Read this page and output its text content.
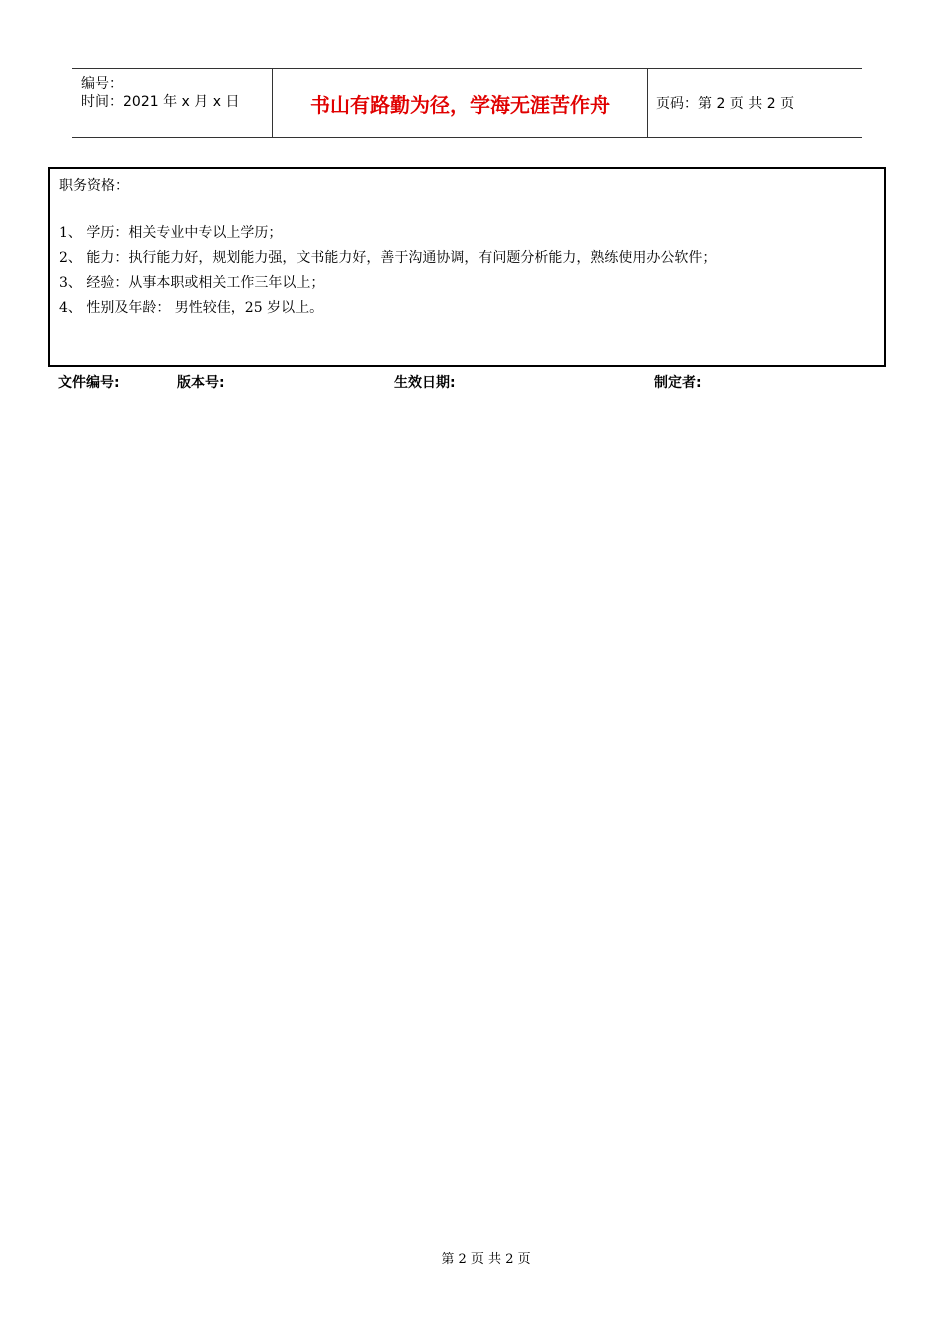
编号：
时间：2021 年 x 月 x 日	书山有路勤为径，学海无涯苦作舟	页码：第 2 页 共 2 页
职务资格：
1、 学历：相关专业中专以上学历；
2、 能力：执行能力好，规划能力强，文书能力好，善于沟通协调，有问题分析能力，熟练使用办公软件；
3、 经验：从事本职或相关工作三年以上；
4、 性别及年龄： 男性较佳，25 岁以上。
文件编号:	版本号:	生效日期:	制定者:
第 2 页 共 2 页
